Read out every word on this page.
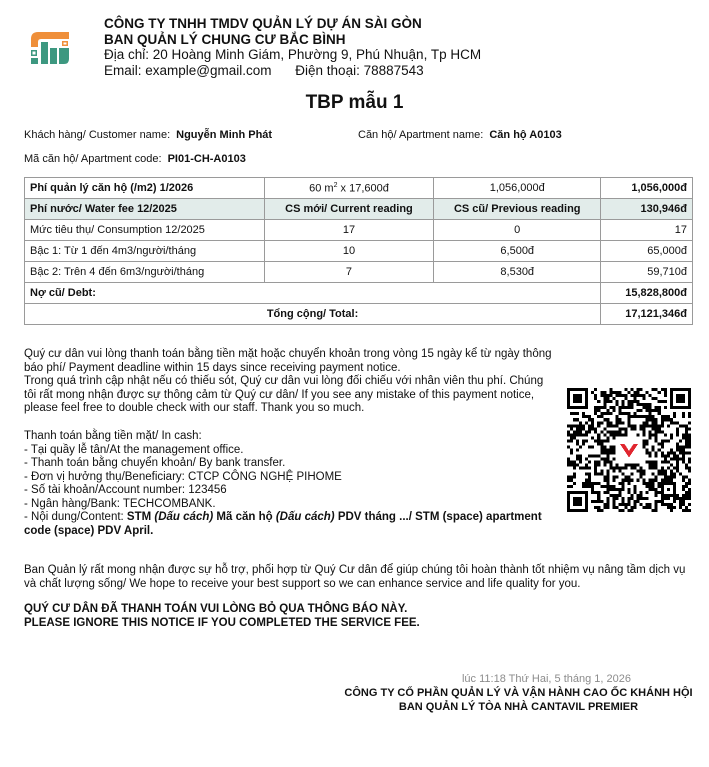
CÔNG TY TNHH TMDV QUẢN LÝ DỰ ÁN SÀI GÒN
BAN QUẢN LÝ CHUNG CƯ BẮC BÌNH
Địa chỉ: 20 Hoàng Minh Giám, Phường 9, Phú Nhuận, Tp HCM
Email: example@gmail.com Điện thoại: 78887543
TBP mẫu 1
Khách hàng/ Customer name: Nguyễn Minh Phát	Căn hộ/ Apartment name: Căn hộ A0103
Mã căn hộ/ Apartment code: PI01-CH-A0103
Phí quản lý căn hộ (/m2) 1/2026	60 $m^2$ x 17,600đ	1,056,000đ	1,056,000đ
Phí nước/ Water fee 12/2025	CS mới/ Current reading	CS cũ/ Previous reading	130,946đ
Mức tiêu thụ/ Consumption 12/2025	17	0	17
Bậc 1: Từ 1 đến 4m3/người/tháng	10	6,500đ	65,000đ
Bậc 2: Trên 4 đến 6m3/người/tháng	7	8,530đ	59,710đ
Nợ cũ/ Debt:			15,828,800đ
Tổng cộng/ Total:			17,121,346đ

Quý cư dân vui lòng thanh toán bằng tiền mặt hoặc chuyển khoản trong vòng 15 ngày kể từ ngày thông báo phí/ Payment deadline within 15 days since receiving payment notice.

Trong quá trình cập nhật nếu có thiếu sót, Quý cư dân vui lòng đối chiếu với nhân viên thu phí. Chúng tôi rất mong nhận được sự thông cảm từ Quý cư dân/ If you see any mistake of this payment notice, please feel free to double check with our staff. Thank you so much.

Thanh toán bằng tiền mặt/ In cash:

- Tại quầy lễ tân/At the management office.

- Thanh toán bằng chuyển khoản/ By bank transfer.

- Đơn vị hưởng thụ/Beneficiary: CTCP CÔNG NGHỆ PIHOME

- Số tài khoản/Account number: 123456

- Ngân hàng/Bank: TECHCOMBANK.

- Nội dung/Content: STM (Dấu cách) Mã căn hộ (Dấu cách) PDV tháng .../ STM (space) apartment code (space) PDV April.

Ban Quản lý rất mong nhận được sự hỗ trợ, phối hợp từ Quý Cư dân để giúp chúng tôi hoàn thành tốt nhiệm vụ nâng tầm dịch vụ và chất lượng sống/ We hope to receive your best support so we can enhance service and life quality for you.

QUÝ CƯ DÂN ĐÃ THANH TOÁN VUI LÒNG BỎ QUA THÔNG BÁO NÀY.
PLEASE IGNORE THIS NOTICE IF YOU COMPLETED THE SERVICE FEE.
lúc 11:18 Thứ Hai, 5 tháng 1, 2026
CÔNG TY CỔ PHẦN QUẢN LÝ VÀ VẬN HÀNH CAO ỐC KHÁNH HỘI
BAN QUẢN LÝ TÒA NHÀ CANTAVIL PREMIER
